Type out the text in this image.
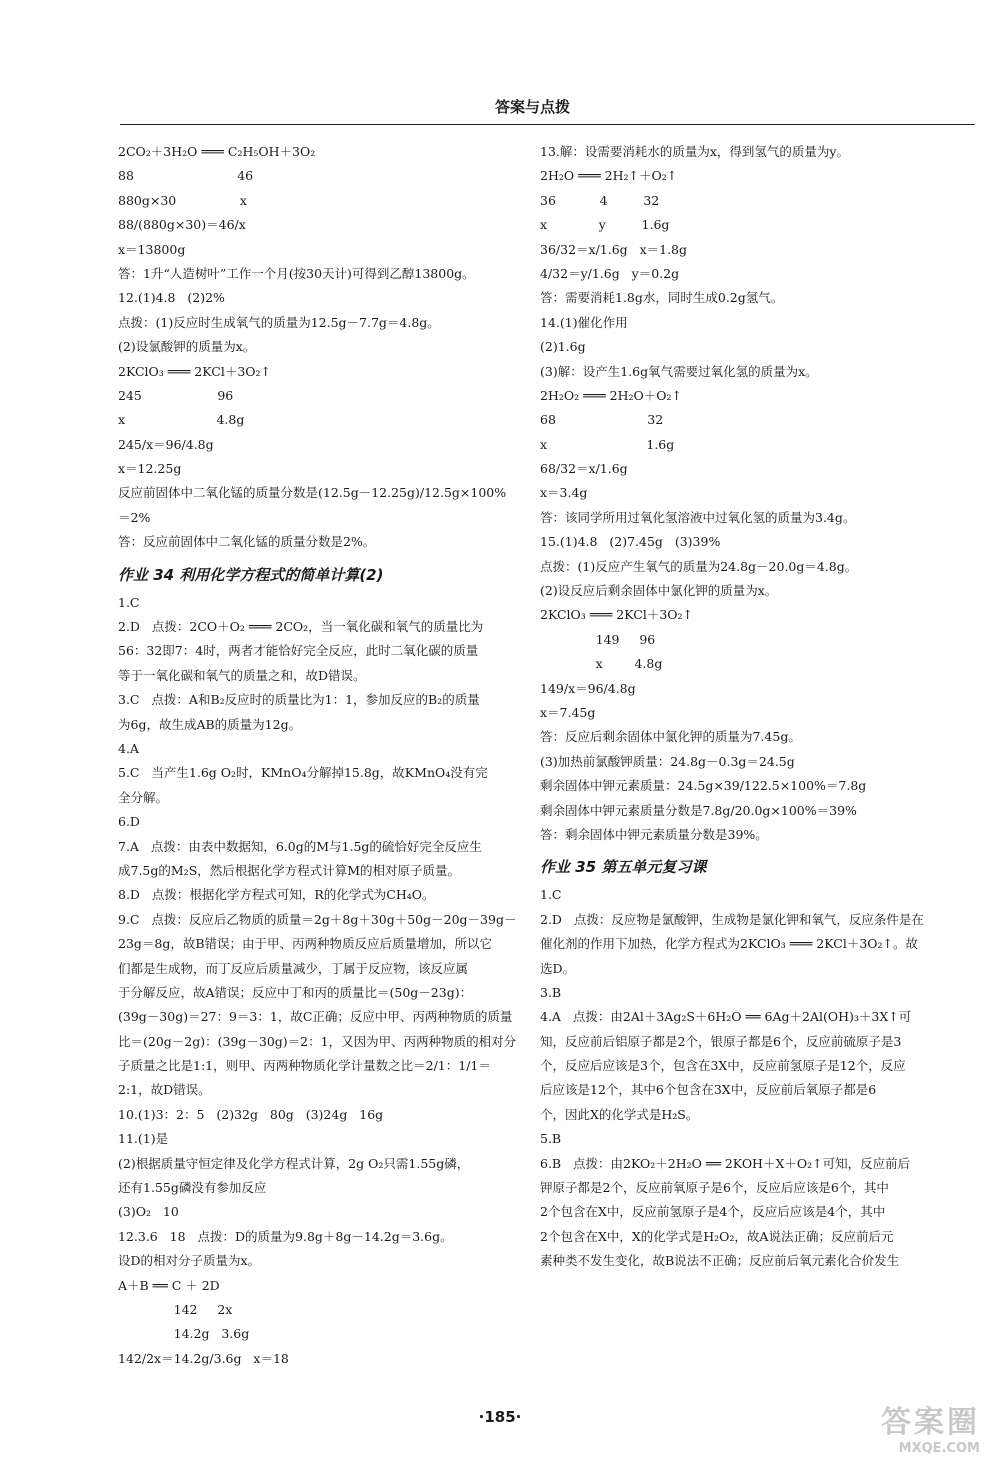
答案与点拨
2CO₂＋3H₂O ═══ C₂H₅OH＋3O₂
88                          46
880g×30                x
88/(880g×30)＝46/x
x＝13800g
答：1升“人造树叶”工作一个月(按30天计)可得到乙醇13800g。
12.(1)4.8   (2)2%
点拨：(1)反应时生成氧气的质量为12.5g－7.7g＝4.8g。
(2)设氯酸钾的质量为x。
2KClO₃ ═══ 2KCl＋3O₂↑
245                   96
x                       4.8g
245/x＝96/4.8g
x＝12.25g
反应前固体中二氧化锰的质量分数是(12.5g－12.25g)/12.5g×100%
＝2%
答：反应前固体中二氧化锰的质量分数是2%。
作业 34 利用化学方程式的简单计算(2)
1.C
2.D   点拨：2CO＋O₂ ═══ 2CO₂，当一氧化碳和氧气的质量比为
56：32即7：4时，两者才能恰好完全反应，此时二氧化碳的质量
等于一氧化碳和氧气的质量之和，故D错误。
3.C   点拨：A和B₂反应时的质量比为1：1，参加反应的B₂的质量
为6g，故生成AB的质量为12g。
4.A
5.C   当产生1.6g O₂时，KMnO₄分解掉15.8g，故KMnO₄没有完
全分解。
6.D
7.A   点拨：由表中数据知，6.0g的M与1.5g的硫恰好完全反应生
成7.5g的M₂S，然后根据化学方程式计算M的相对原子质量。
8.D   点拨：根据化学方程式可知，R的化学式为CH₄O。
9.C   点拨：反应后乙物质的质量＝2g＋8g＋30g＋50g－20g－39g－
23g＝8g，故B错误；由于甲、丙两种物质反应后质量增加，所以它
们都是生成物，而丁反应后质量减少，丁属于反应物，该反应属
于分解反应，故A错误；反应中丁和丙的质量比＝(50g－23g)：
(39g－30g)＝27：9＝3：1，故C正确；反应中甲、丙两种物质的质量
比＝(20g－2g)：(39g－30g)＝2：1，又因为甲、丙两种物质的相对分
子质量之比是1:1，则甲、丙两种物质化学计量数之比＝2/1：1/1＝
2:1，故D错误。
10.(1)3：2：5   (2)32g   80g   (3)24g   16g
11.(1)是
(2)根据质量守恒定律及化学方程式计算，2g O₂只需1.55g磷，
还有1.55g磷没有参加反应
(3)O₂   10
12.3.6   18   点拨：D的质量为9.8g＋8g－14.2g＝3.6g。
设D的相对分子质量为x。
A＋B ══ C ＋ 2D
142     2x
14.2g   3.6g
142/2x＝14.2g/3.6g   x＝18
13.解：设需要消耗水的质量为x，得到氢气的质量为y。
2H₂O ═══ 2H₂↑＋O₂↑
36           4         32
x             y         1.6g
36/32＝x/1.6g   x＝1.8g
4/32＝y/1.6g   y＝0.2g
答：需要消耗1.8g水，同时生成0.2g氢气。
14.(1)催化作用
(2)1.6g
(3)解：设产生1.6g氧气需要过氧化氢的质量为x。
2H₂O₂ ═══ 2H₂O＋O₂↑
68                       32
x                         1.6g
68/32＝x/1.6g
x＝3.4g
答：该同学所用过氧化氢溶液中过氧化氢的质量为3.4g。
15.(1)4.8   (2)7.45g   (3)39%
点拨：(1)反应产生氧气的质量为24.8g－20.0g＝4.8g。
(2)设反应后剩余固体中氯化钾的质量为x。
2KClO₃ ═══ 2KCl＋3O₂↑
149     96
x        4.8g
149/x＝96/4.8g
x＝7.45g
答：反应后剩余固体中氯化钾的质量为7.45g。
(3)加热前氯酸钾质量：24.8g－0.3g＝24.5g
剩余固体中钾元素质量：24.5g×39/122.5×100%＝7.8g
剩余固体中钾元素质量分数是7.8g/20.0g×100%＝39%
答：剩余固体中钾元素质量分数是39%。
作业 35 第五单元复习课
1.C
2.D   点拨：反应物是氯酸钾，生成物是氯化钾和氧气，反应条件是在
催化剂的作用下加热，化学方程式为2KClO₃ ═══ 2KCl＋3O₂↑。故
选D。
3.B
4.A   点拨：由2Al＋3Ag₂S＋6H₂O ══ 6Ag＋2Al(OH)₃＋3X↑可
知，反应前后铝原子都是2个，银原子都是6个，反应前硫原子是3
个，反应后应该是3个，包含在3X中，反应前氢原子是12个，反应
后应该是12个，其中6个包含在3X中，反应前后氧原子都是6
个，因此X的化学式是H₂S。
5.B
6.B   点拨：由2KO₂＋2H₂O ══ 2KOH＋X＋O₂↑可知，反应前后
钾原子都是2个，反应前氧原子是6个，反应后应该是6个，其中
2个包含在X中，反应前氢原子是4个，反应后应该是4个，其中
2个包含在X中，X的化学式是H₂O₂，故A说法正确；反应前后元
素种类不发生变化，故B说法不正确；反应前后氧元素化合价发生
·185·	答案圈
MXQE.COM
